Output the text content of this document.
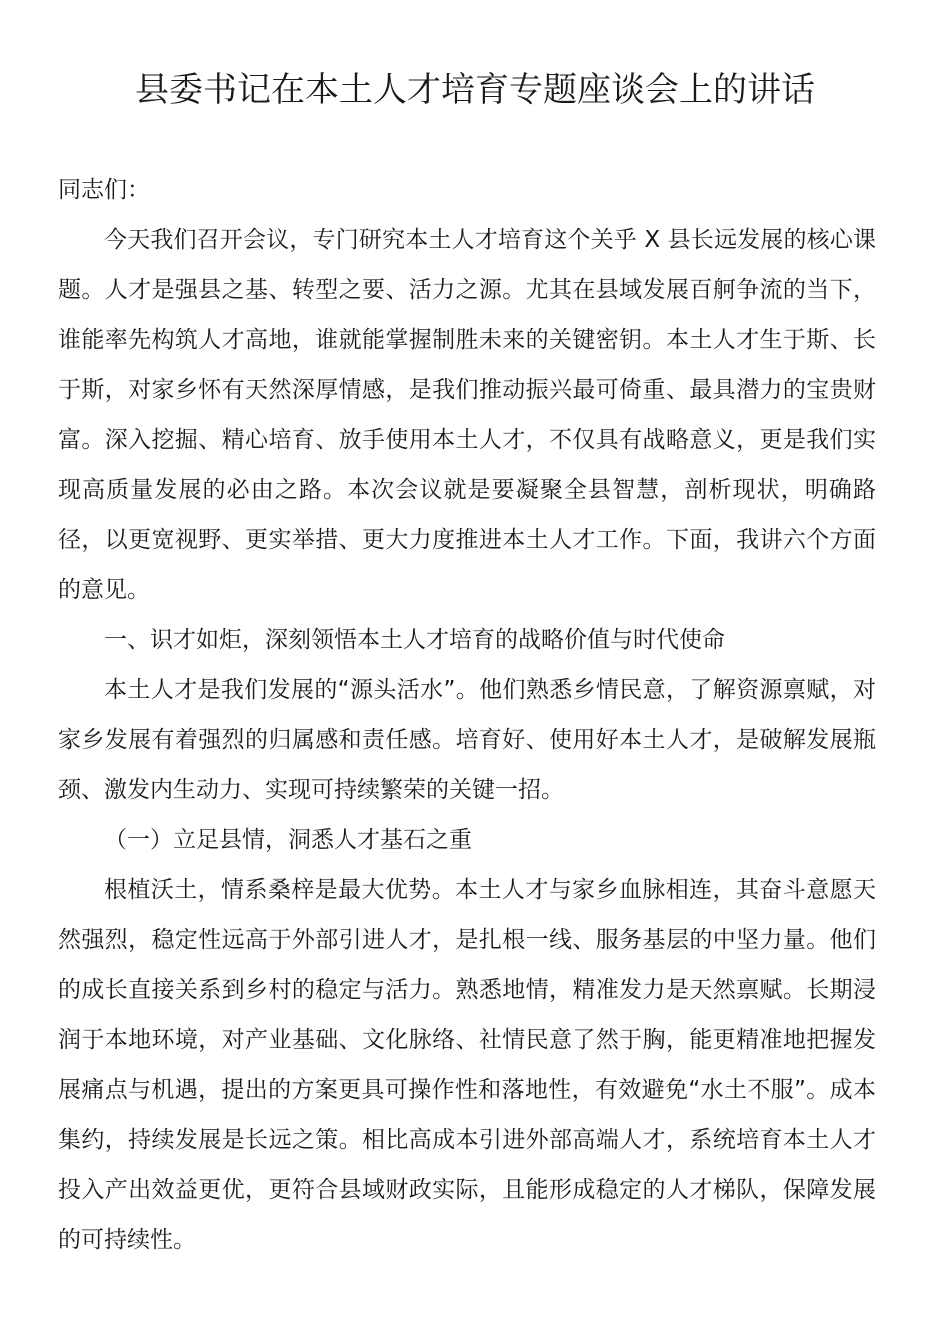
县委书记在本土人才培育专题座谈会上的讲话

同志们：

今天我们召开会议，专门研究本土人才培育这个关乎 X 县长远发展的核心课题。人才是强县之基、转型之要、活力之源。尤其在县域发展百舸争流的当下，谁能率先构筑人才高地，谁就能掌握制胜未来的关键密钥。本土人才生于斯、长于斯，对家乡怀有天然深厚情感，是我们推动振兴最可倚重、最具潜力的宝贵财富。深入挖掘、精心培育、放手使用本土人才，不仅具有战略意义，更是我们实现高质量发展的必由之路。本次会议就是要凝聚全县智慧，剖析现状，明确路径，以更宽视野、更实举措、更大力度推进本土人才工作。下面，我讲六个方面的意见。

一、识才如炬，深刻领悟本土人才培育的战略价值与时代使命

本土人才是我们发展的“源头活水”。他们熟悉乡情民意，了解资源禀赋，对家乡发展有着强烈的归属感和责任感。培育好、使用好本土人才，是破解发展瓶颈、激发内生动力、实现可持续繁荣的关键一招。

（一）立足县情，洞悉人才基石之重

根植沃土，情系桑梓是最大优势。本土人才与家乡血脉相连，其奋斗意愿天然强烈，稳定性远高于外部引进人才，是扎根一线、服务基层的中坚力量。他们的成长直接关系到乡村的稳定与活力。熟悉地情，精准发力是天然禀赋。长期浸润于本地环境，对产业基础、文化脉络、社情民意了然于胸，能更精准地把握发展痛点与机遇，提出的方案更具可操作性和落地性，有效避免“水土不服”。成本集约，持续发展是长远之策。相比高成本引进外部高端人才，系统培育本土人才投入产出效益更优，更符合县域财政实际，且能形成稳定的人才梯队，保障发展的可持续性。
